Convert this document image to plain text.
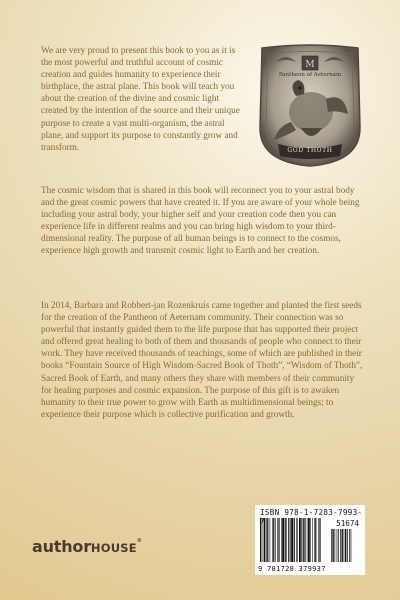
We are very proud to present this book to you as it is the most powerful and truthful account of cosmic creation and guides humanity to experience their birthplace, the astral plane. This book will teach you about the creation of the divine and cosmic light created by the intention of the source and their unique purpose to create a vast multi-organism, the astral plane, and support its purpose to constantly grow and transform.

M
Pantheon of Aeternam
GOD THOTH

The cosmic wisdom that is shared in this book will reconnect you to your astral body and the great cosmic powers that have created it. If you are aware of your whole being including your astral body, your higher self and your creation code then you can experience life in different realms and you can bring high wisdom to your third-dimensional reality. The purpose of all human beings is to connect to the cosmos, experience high growth and transmit cosmic light to Earth and her creation.

In 2014, Barbara and Robbert-jan Rozenkruis came together and planted the first seeds for the creation of the Pantheon of Aeternam community. Their connection was so powerful that instantly guided them to the life purpose that has supported their project and offered great healing to both of them and thousands of people who connect to their work. They have received thousands of teachings, some of which are published in their books “Fountain Source of High Wisdom-Sacred Book of Thoth”, “Wisdom of Thoth”, Sacred Book of Earth, and many others they share with members of their community for healing purposes and cosmic expansion. The purpose of this gift is to awaken humanity to their true power to grow with Earth as multidimensional beings; to experience their purpose which is collective purification and growth.

authorHOUSE®
ISBN 978-1-7283-7993-7	51674
9 781728 379937
